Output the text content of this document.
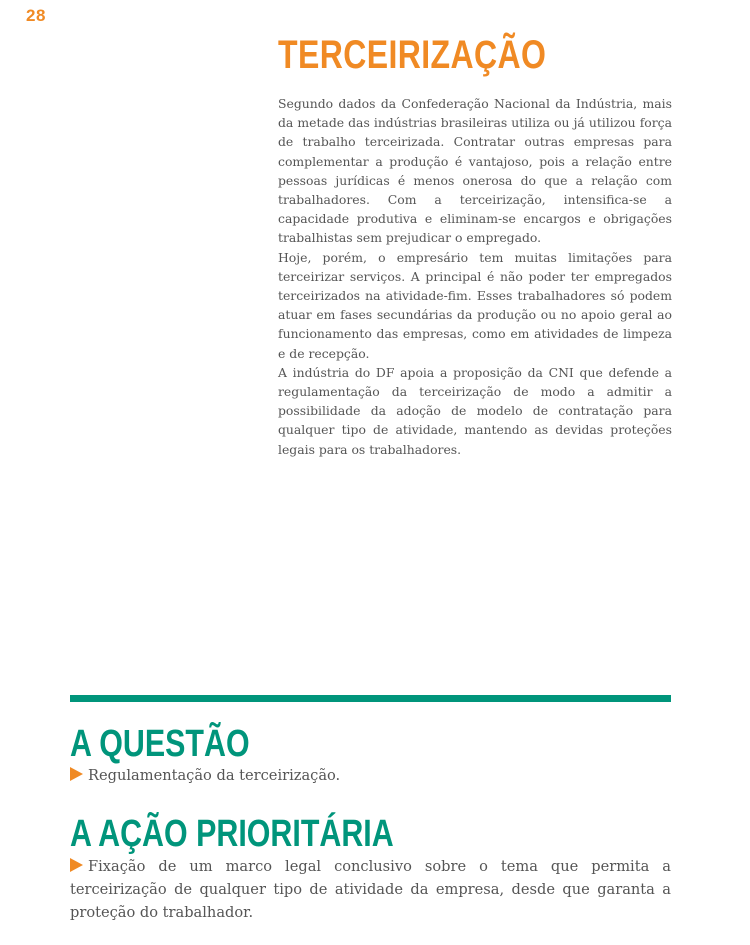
28
TERCEIRIZAÇÃO

Segundo dados da Confederação Nacional da Indústria, mais da metade das indústrias brasileiras utiliza ou já utilizou força de trabalho terceirizada. Contratar outras empresas para complementar a produção é vantajoso, pois a relação entre pessoas jurídicas é menos onerosa do que a relação com trabalhadores. Com a terceirização, intensifica-se a capacidade produtiva e eliminam-se encargos e obrigações trabalhistas sem prejudicar o empregado.

Hoje, porém, o empresário tem muitas limitações para terceirizar serviços. A principal é não poder ter empregados terceirizados na atividade-fim. Esses trabalhadores só podem atuar em fases secundárias da produção ou no apoio geral ao funcionamento das empresas, como em atividades de limpeza e de recepção.

A indústria do DF apoia a proposição da CNI que defende a regulamentação da terceirização de modo a admitir a possibilidade da adoção de modelo de contratação para qualquer tipo de atividade, mantendo as devidas proteções legais para os trabalhadores.

A QUESTÃO

Regulamentação da terceirização.

A AÇÃO PRIORITÁRIA

Fixação de um marco legal conclusivo sobre o tema que permita a terceirização de qualquer tipo de atividade da empresa, desde que garanta a proteção do trabalhador.
